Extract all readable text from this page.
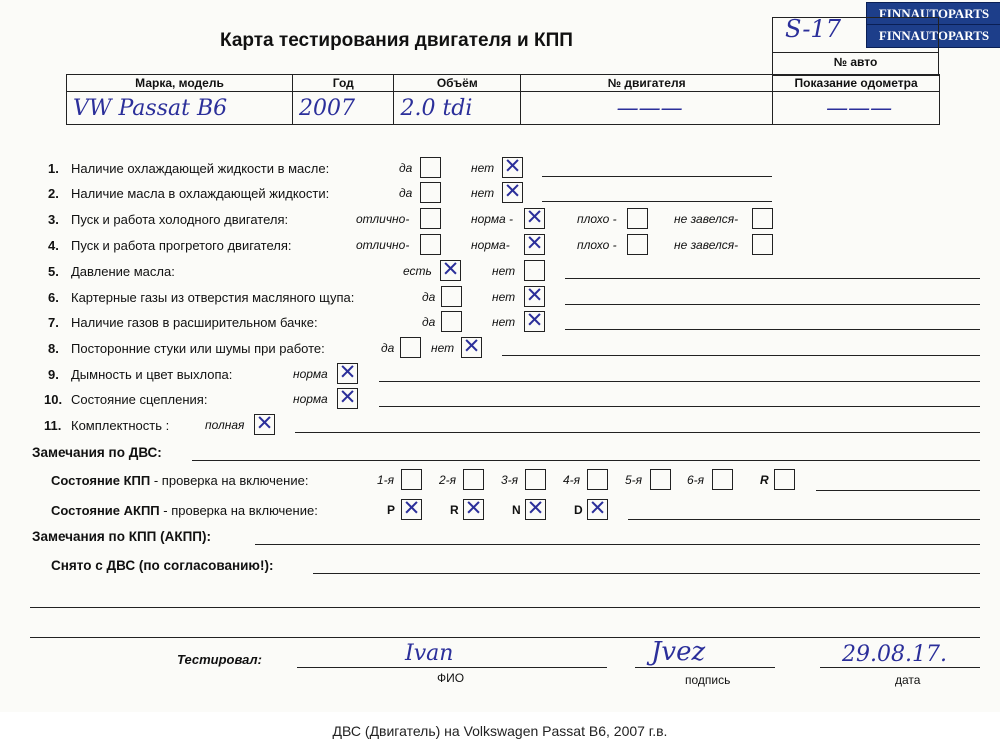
FINNAUTOPARTS
FINNAUTOPARTS
Карта тестирования двигателя и КПП	S-17
№ авто
Марка, модель	Год	Объём	№ двигателя	Показание одометра
VW Passat B6	2007	2.0 tdi	———	———
1. Наличие охлаждающей жидкости в масле:	да	нет ✕
2. Наличие масла в охлаждающей жидкости:	да	нет ✕
3. Пуск и работа холодного двигателя:	отлично-	норма - ✕	плохо -	не завелся-
4. Пуск и работа прогретого двигателя:	отлично-	норма- ✕	плохо -	не завелся-
5. Давление масла:	есть ✕	нет
6. Картерные газы из отверстия масляного щупа:	да	нет ✕
7. Наличие газов в расширительном бачке:	да	нет ✕
8. Посторонние стуки или шумы при работе:	да	нет ✕
9. Дымность и цвет выхлопа:	норма ✕
10. Состояние сцепления:	норма ✕
11. Комплектность :	полная ✕
Замечания по ДВС:
Состояние КПП - проверка на включение:	1-я	2-я	3-я	4-я	5-я	6-я	R
Состояние АКПП - проверка на включение:	P ✕ R ✕ N ✕ D ✕
Замечания по КПП (АКПП):
Снято с ДВС (по согласованию!):
Тестировал:	Ivan
ФИО
Jvez
подпись
29.08.17.
дата
ДВС (Двигатель) на Volkswagen Passat B6, 2007 г.в.
